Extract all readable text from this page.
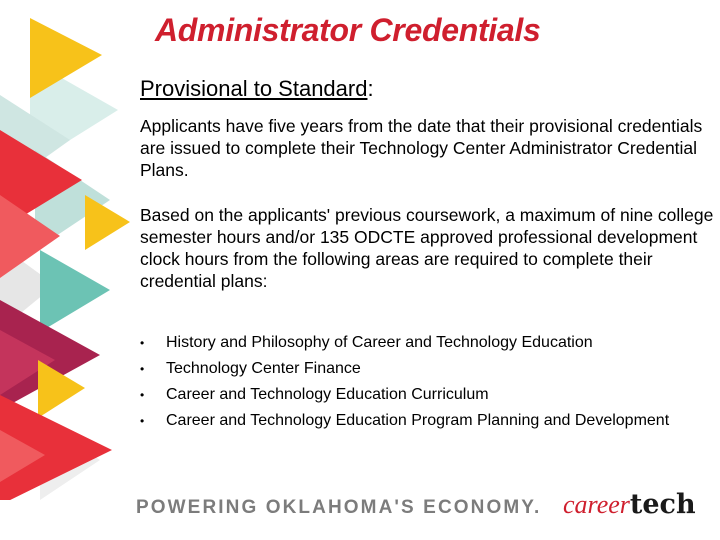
Administrator Credentials
Provisional to Standard:

Applicants have five years from the date that their provisional credentials are issued to complete their Technology Center Administrator Credential Plans.

Based on the applicants' previous coursework, a maximum of nine college semester hours and/or 135 ODCTE approved professional development clock hours from the following areas are required to complete their credential plans:

• History and Philosophy of Career and Technology Education
• Technology Center Finance
• Career and Technology Education Curriculum
• Career and Technology Education Program Planning and Development
POWERING OKLAHOMA'S ECONOMY. careertech
